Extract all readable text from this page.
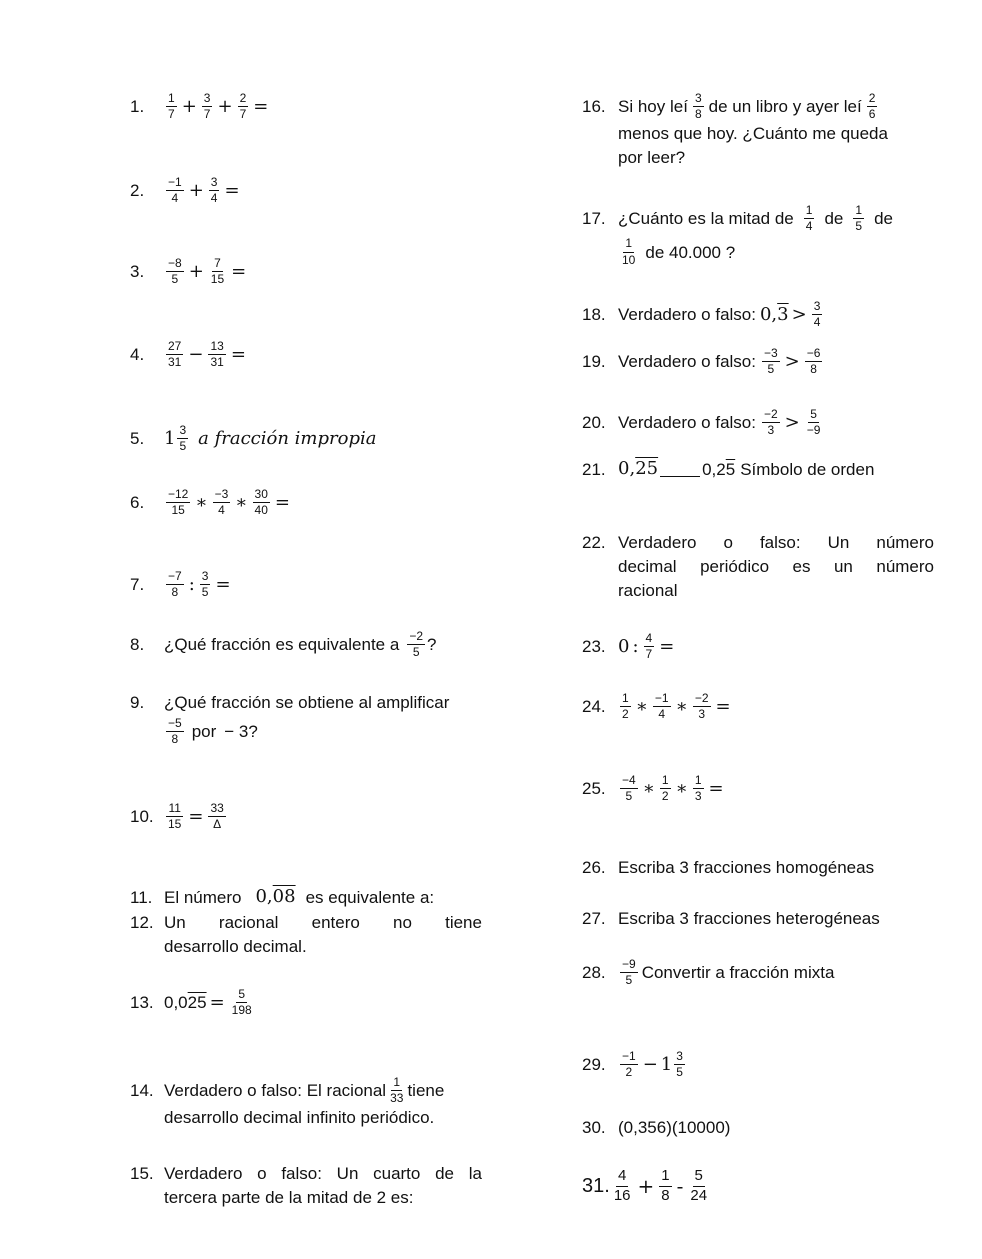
1.	$\frac{1}{7} + \frac{3}{7} + \frac{2}{7}$ =
2.	$\frac{-1}{4} + \frac{3}{4}$ =
3.	$\frac{-8}{5} + \frac{7}{15}$ =
4.	$\frac{27}{31} - \frac{13}{31}$ =
5.	$1 \frac{3}{5}$ a fracción impropia
6.	$\frac{-12}{15}$ ∗ $\frac{-3}{4}$ ∗ $\frac{30}{40}$ =
7.	$\frac{-7}{8}$ : $\frac{3}{5}$ =
8.	¿Qué fracción es equivalente a $\frac{-2}{5}$ ?
9.	¿Qué fracción se obtiene al amplificar
$\frac{-5}{8}$ por − 3?
10.	$\frac{11}{15} = \frac{33}{\Delta}$
11. El número 0,08 es equivalente a:
12. Un racional entero no tiene
desarrollo decimal.
13. $0,025 = \frac{5}{198}$
14. Verdadero o falso: El racional $\frac{1}{33}$ tiene
desarrollo decimal infinito periódico.
15. Verdadero o falso: Un cuarto de la
tercera parte de la mitad de 2 es:
16. Si hoy leí $\frac{3}{8}$ de un libro y ayer leí $\frac{2}{6}$
menos que hoy. ¿Cuánto me queda
por leer?
17. ¿Cuánto es la mitad de $\frac{1}{4}$ de $\frac{1}{5}$ de
$\frac{1}{10}$ de 40.000 ?
18. Verdadero o falso: $0,3 > \frac{3}{4}$
19. Verdadero o falso: $\frac{-3}{5} > \frac{-6}{8}$
20. Verdadero o falso: $\frac{-2}{3} > \frac{5}{-9}$
21. 0,25	0,25 Símbolo de orden
22. Verdadero o falso: Un número
decimal periódico es un número
racional
23. 0 : $\frac{4}{7}$ =
24.	$\frac{1}{2}$ ∗ $\frac{-1}{4}$ ∗ $\frac{-2}{3}$ =
25.	$\frac{-4}{5}$ ∗ $\frac{1}{2}$ ∗ $\frac{1}{3}$ =
26. Escriba 3 fracciones homogéneas
27. Escriba 3 fracciones heterogéneas
28.	$\frac{-9}{5}$ Convertir a fracción mixta
29.	$\frac{-1}{2} - 1 \frac{3}{5}$
30. (0,356)(10000)
31. $\frac{4}{16} + \frac{1}{8} - \frac{5}{24}$
